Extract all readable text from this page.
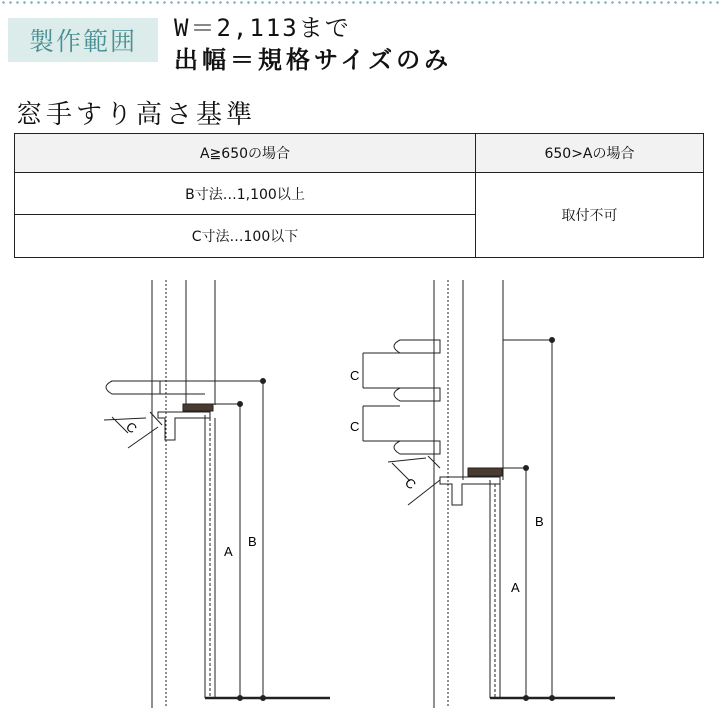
製作範囲 W＝2,113まで
出幅＝規格サイズのみ
窓手すり高さ基準
A≧650の場合	650>Aの場合
B寸法…1,100以上	取付不可
C寸法…100以下	
C
A
B
C
C
C
A
B
